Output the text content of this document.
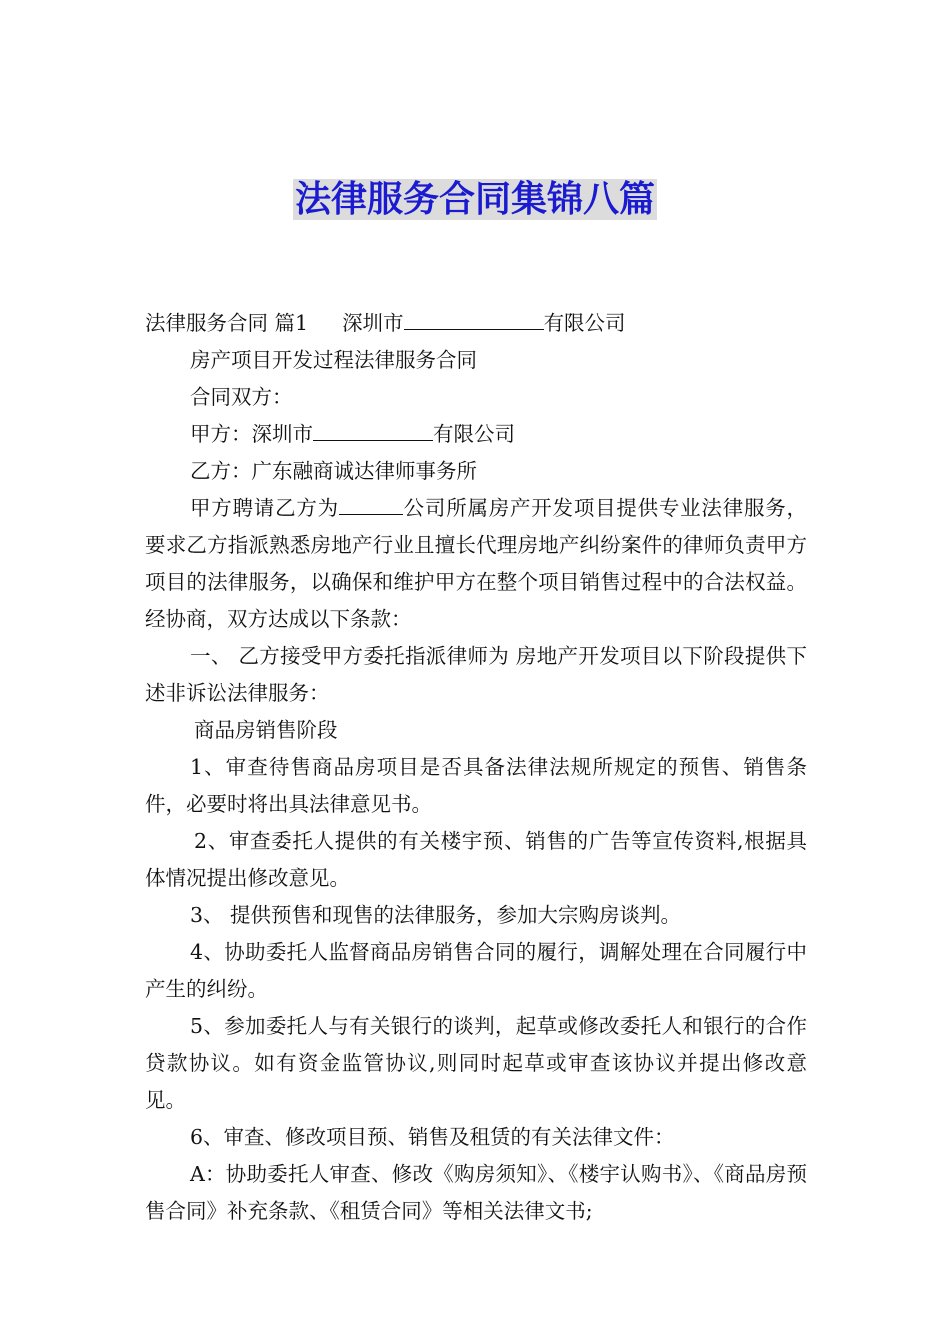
法律服务合同集锦八篇

法律服务合同 篇1 深圳市	有限公司

房产项目开发过程法律服务合同

合同双方：

甲方：深圳市	有限公司

乙方：广东融商诚达律师事务所

甲方聘请乙方为	公司所属房产开发项目提供专业法律服务，要求乙方指派熟悉房地产行业且擅长代理房地产纠纷案件的律师负责甲方项目的法律服务，以确保和维护甲方在整个项目销售过程中的合法权益。经协商，双方达成以下条款：

一、 乙方接受甲方委托指派律师为 房地产开发项目以下阶段提供下述非诉讼法律服务：

商品房销售阶段

1、审查待售商品房项目是否具备法律法规所规定的预售、销售条件，必要时将出具法律意见书。

2、审查委托人提供的有关楼宇预、销售的广告等宣传资料,根据具体情况提出修改意见。

3、 提供预售和现售的法律服务，参加大宗购房谈判。

4、协助委托人监督商品房销售合同的履行，调解处理在合同履行中产生的纠纷。

5、参加委托人与有关银行的谈判，起草或修改委托人和银行的合作贷款协议。如有资金监管协议,则同时起草或审查该协议并提出修改意见。

6、审查、修改项目预、销售及租赁的有关法律文件：

A：协助委托人审查、修改《购房须知》、《楼宇认购书》、《商品房预售合同》补充条款、《租赁合同》等相关法律文书;
